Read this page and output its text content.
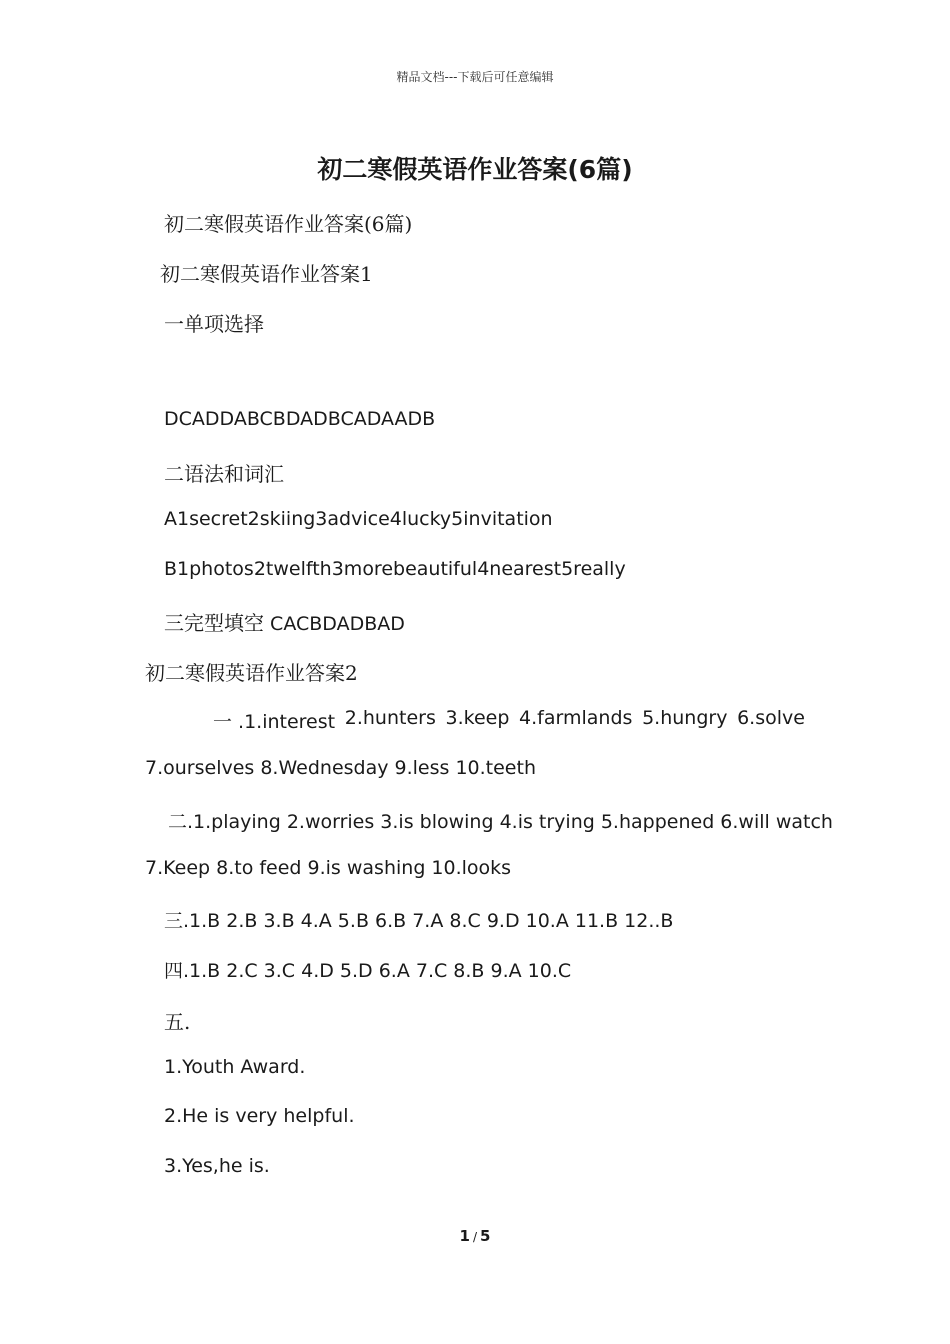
精品文档---下载后可任意编辑
初二寒假英语作业答案(6篇)
初二寒假英语作业答案(6篇)
初二寒假英语作业答案1
一单项选择
DCADDABCBDADBCADAADB
二语法和词汇
A1secret2skiing3advice4lucky5invitation
B1photos2twelfth3morebeautiful4nearest5really
三完型填空 CACBDADBAD
初二寒假英语作业答案2
一 .1.interest 2.hunters 3.keep 4.farmlands 5.hungry 6.solve
7.ourselves 8.Wednesday 9.less 10.teeth
二.1.playing 2.worries 3.is blowing 4.is trying 5.happened 6.will watch
7.Keep 8.to feed 9.is washing 10.looks
三.1.B 2.B 3.B 4.A 5.B 6.B 7.A 8.C 9.D 10.A 11.B 12..B
四.1.B 2.C 3.C 4.D 5.D 6.A 7.C 8.B 9.A 10.C
五.
1.Youth Award.
2.He is very helpful.
3.Yes,he is.
1 / 5
